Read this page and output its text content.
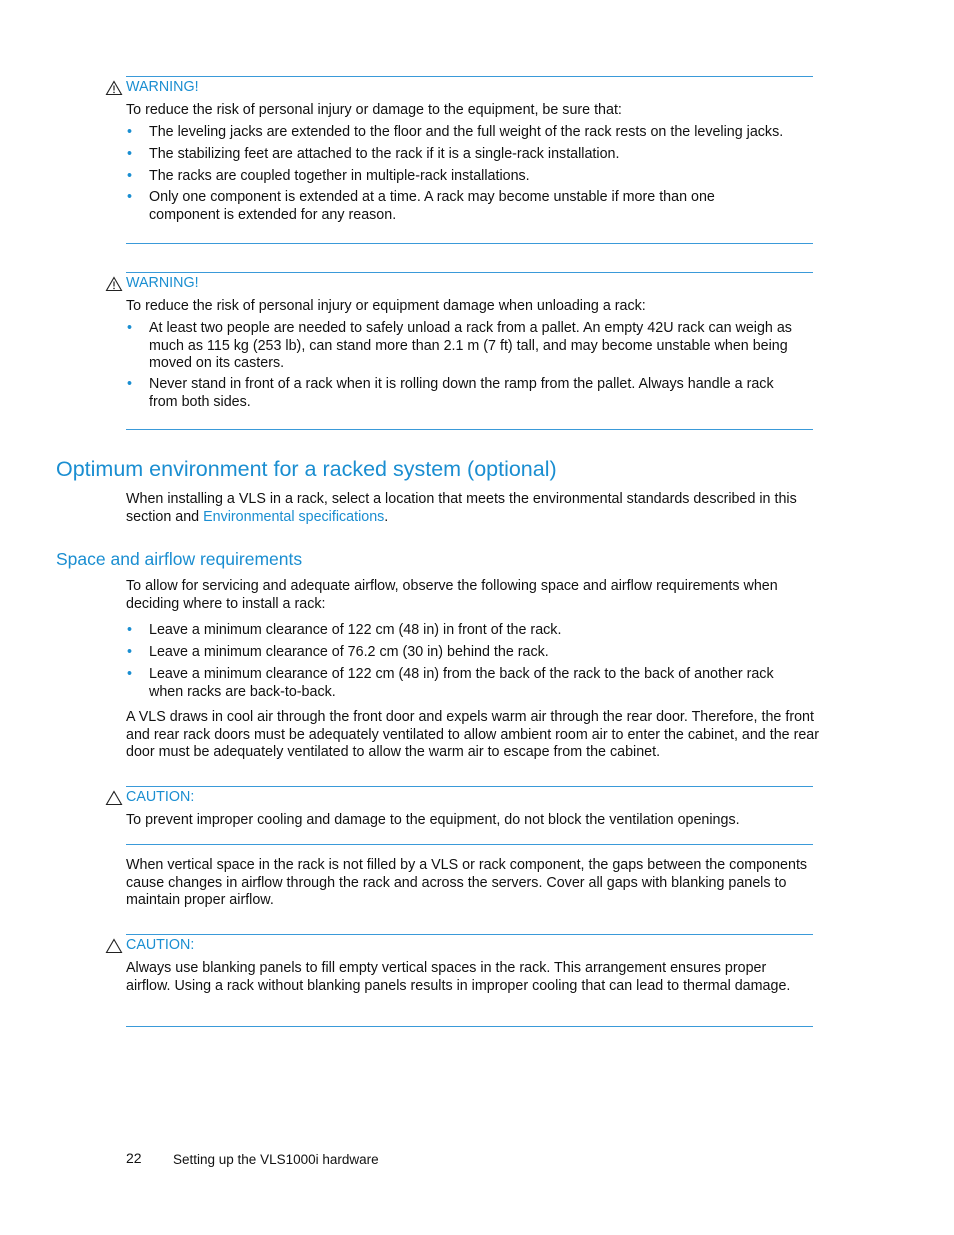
WARNING!

To reduce the risk of personal injury or damage to the equipment, be sure that:

• The leveling jacks are extended to the floor and the full weight of the rack rests on the leveling jacks.

• The stabilizing feet are attached to the rack if it is a single-rack installation.

• The racks are coupled together in multiple-rack installations.

• Only one component is extended at a time. A rack may become unstable if more than one component is extended for any reason.

WARNING!

To reduce the risk of personal injury or equipment damage when unloading a rack:

• At least two people are needed to safely unload a rack from a pallet. An empty 42U rack can weigh as much as 115 kg (253 lb), can stand more than 2.1 m (7 ft) tall, and may become unstable when being moved on its casters.

• Never stand in front of a rack when it is rolling down the ramp from the pallet. Always handle a rack from both sides.

Optimum environment for a racked system (optional)

When installing a VLS in a rack, select a location that meets the environmental standards described in this section and Environmental specifications.

Space and airflow requirements

To allow for servicing and adequate airflow, observe the following space and airflow requirements when deciding where to install a rack:

• Leave a minimum clearance of 122 cm (48 in) in front of the rack.

• Leave a minimum clearance of 76.2 cm (30 in) behind the rack.

• Leave a minimum clearance of 122 cm (48 in) from the back of the rack to the back of another rack when racks are back-to-back.

A VLS draws in cool air through the front door and expels warm air through the rear door. Therefore, the front and rear rack doors must be adequately ventilated to allow ambient room air to enter the cabinet, and the rear door must be adequately ventilated to allow the warm air to escape from the cabinet.

CAUTION:

To prevent improper cooling and damage to the equipment, do not block the ventilation openings.

When vertical space in the rack is not filled by a VLS or rack component, the gaps between the components cause changes in airflow through the rack and across the servers. Cover all gaps with blanking panels to maintain proper airflow.

CAUTION:

Always use blanking panels to fill empty vertical spaces in the rack. This arrangement ensures proper airflow. Using a rack without blanking panels results in improper cooling that can lead to thermal damage.

22 Setting up the VLS1000i hardware
